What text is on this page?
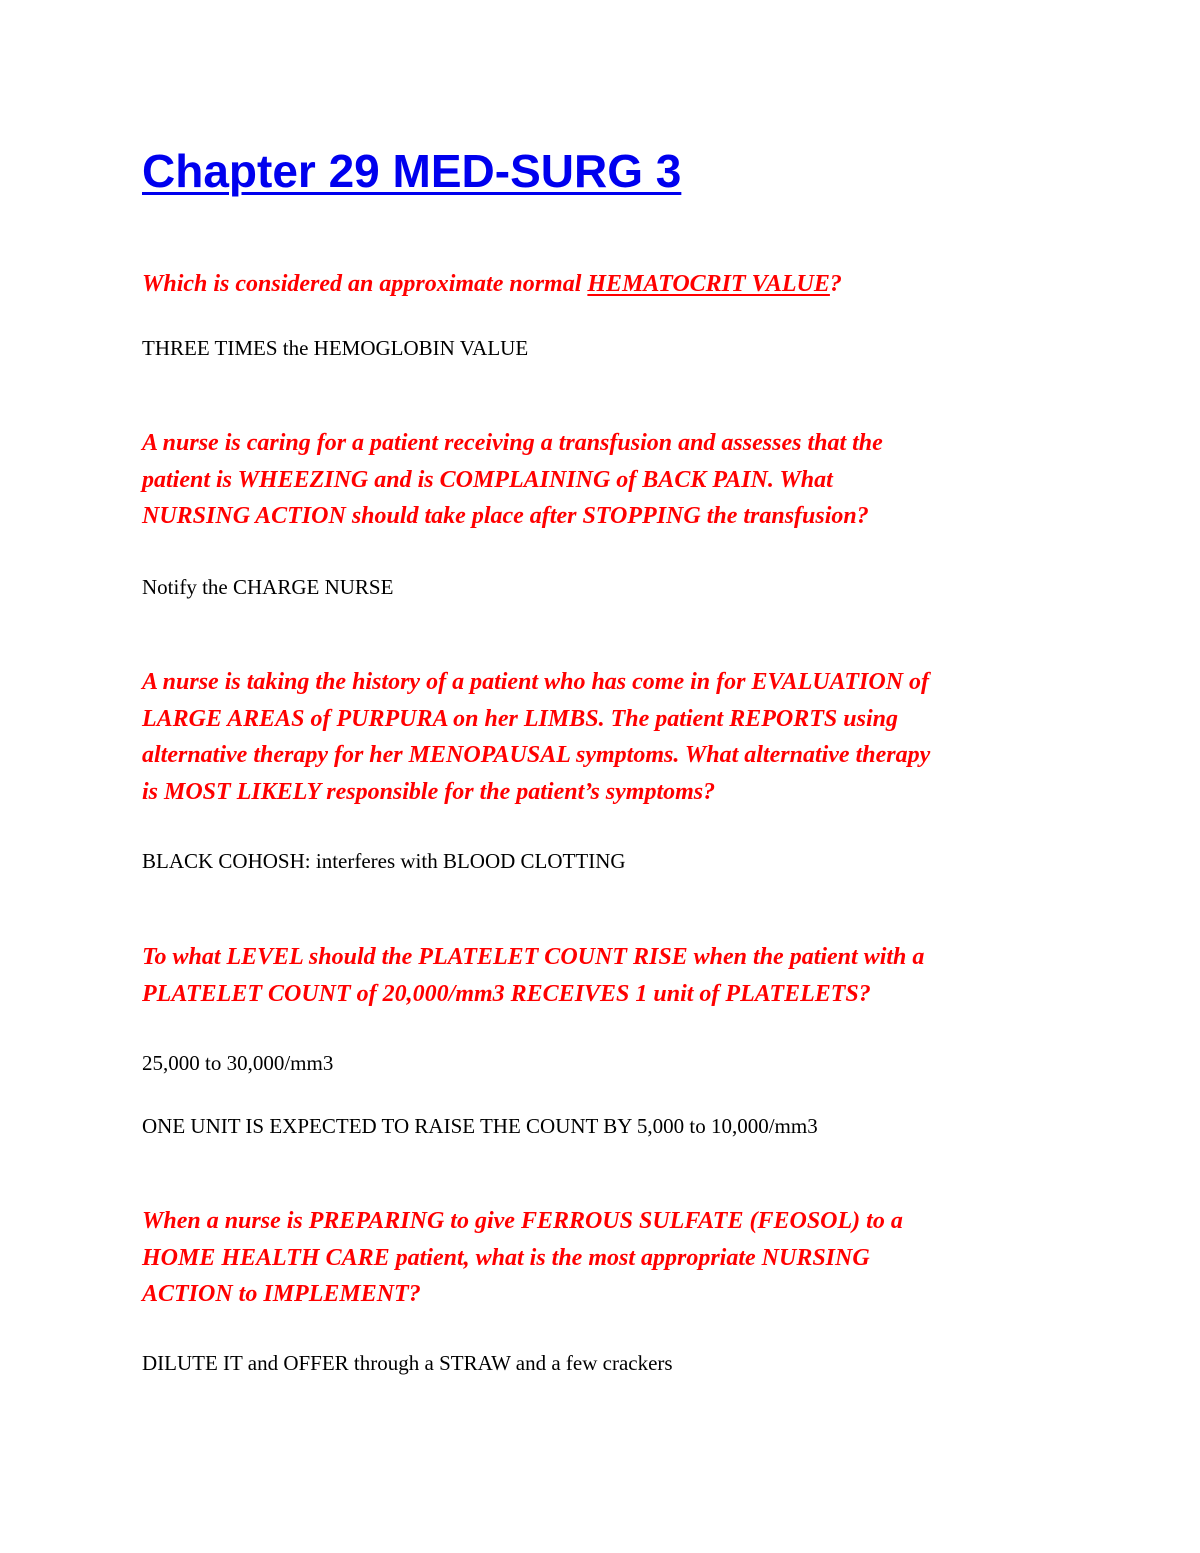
Chapter 29 MED-SURG 3

Which is considered an approximate normal HEMATOCRIT VALUE?

THREE TIMES the HEMOGLOBIN VALUE

A nurse is caring for a patient receiving a transfusion and assesses that the
patient is WHEEZING and is COMPLAINING of BACK PAIN. What
NURSING ACTION should take place after STOPPING the transfusion?

Notify the CHARGE NURSE

A nurse is taking the history of a patient who has come in for EVALUATION of
LARGE AREAS of PURPURA on her LIMBS. The patient REPORTS using
alternative therapy for her MENOPAUSAL symptoms. What alternative therapy
is MOST LIKELY responsible for the patient’s symptoms?

BLACK COHOSH: interferes with BLOOD CLOTTING

To what LEVEL should the PLATELET COUNT RISE when the patient with a
PLATELET COUNT of 20,000/mm3 RECEIVES 1 unit of PLATELETS?

25,000 to 30,000/mm3

ONE UNIT IS EXPECTED TO RAISE THE COUNT BY 5,000 to 10,000/mm3

When a nurse is PREPARING to give FERROUS SULFATE (FEOSOL) to a
HOME HEALTH CARE patient, what is the most appropriate NURSING
ACTION to IMPLEMENT?

DILUTE IT and OFFER through a STRAW and a few crackers
